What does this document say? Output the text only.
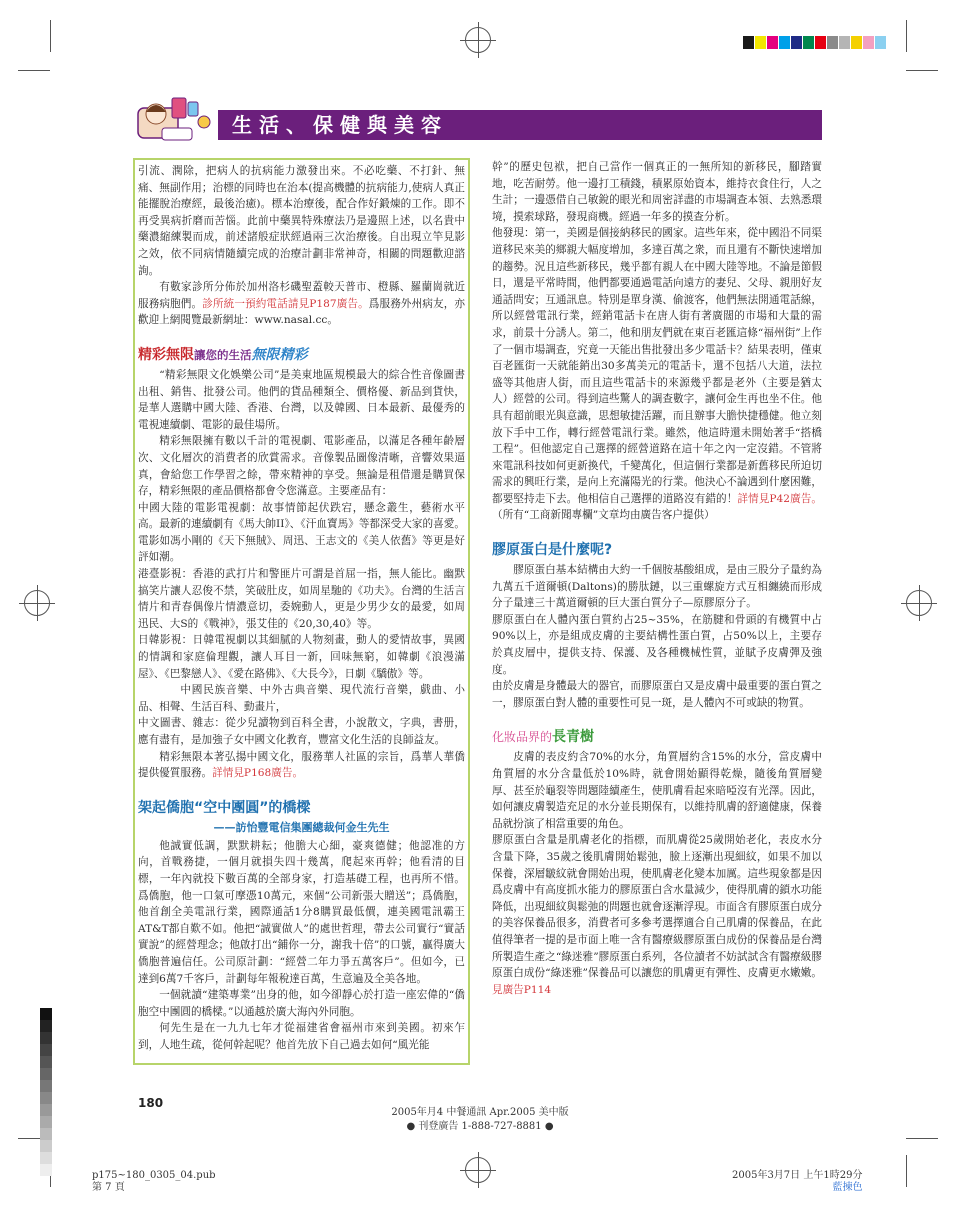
生活、保健與美容

引流、潤除，把病人的抗病能力激發出來。不必吃藥、不打針、無痛、無副作用；治標的同時也在治本(提高機體的抗病能力,使病人真正能擺脫治療經，最後治癒)。標本治療後，配合作好鍛煉的工作。即不再受異病折磨而苦惱。此前中藥異特殊療法乃是邊照上述，以名貴中藥濃縮練製而成，前述諸般症狀經過兩三次治療後。自出現立竿見影之效，依不同病情隨續完成的治療計劃非常神奇，相關的問題歡迎諮詢。

有數家診所分佈於加州洛杉磯聖蓋較天普市、橙縣、羅蘭崗就近服務病胞們。診所統一預約電話請見P187廣告。爲服務外州病友，亦歡迎上網閱覽最新網址：www.nasal.cc。

精彩無限讓您的生活無限精彩

“精彩無限文化娛樂公司”是美東地區規模最大的綜合性音像圖書出租、銷售、批發公司。他們的貨品種類全、價格優、新品到貨快，是華人選購中國大陸、香港、台灣，以及韓國、日本最新、最優秀的電視連續劇、電影的最佳場所。

精彩無限擁有數以千計的電視劇、電影產品，以滿足各種年齡層次、文化層次的消費者的欣賞需求。音像製品圖像清晰，音響效果逼真，會給您工作學習之餘，帶來精神的享受。無論是租借還是購買保存，精彩無限的產品價格都會令您滿意。主要產品有：

中國大陸的電影電視劇：故事情節起伏跌宕，懸念叢生，藝術水平高。最新的連續劇有《馬大帥II》、《汗血寶馬》等都深受大家的喜愛。電影如馮小剛的《天下無賊》、周迅、王志文的《美人依舊》等更是好評如潮。

港臺影視：香港的武打片和警匪片可謂是首屈一指，無人能比。幽默搞笑片讓人忍俊不禁，笑破肚皮，如周星馳的《功夫》。台灣的生活言情片和青春偶像片情濃意切，委婉動人，更是少男少女的最愛，如周迅民、大S的《戰神》，張艾佳的《20,30,40》等。

日韓影視：日韓電視劇以其細膩的人物刻畫，動人的愛情故事，異國的情調和家庭倫理觀，讓人耳目一新，回味無窮，如韓劇《浪漫滿屋》、《巴黎戀人》、《愛在路佛》、《大長今》，日劇《驕傲》等。

中國民族音樂、中外古典音樂、現代流行音樂，戲曲、小品、相聲、生活百科、動畫片，

中文圖書、雜志：從少兒讀物到百科全書，小說散文，字典，書册，應有盡有，是加強子女中國文化教育，豐富文化生活的良師益友。

精彩無限本著弘揚中國文化，服務華人社區的宗旨，爲華人華僑提供優質服務。詳情見P168廣告。

架起僑胞“空中團圓”的橋樑
——訪怡豐電信集團總裁何金生先生

他誠實低調，默默耕耘；他膽大心細，豪爽德健；他認准的方向，首戰務捷，一個月就損失四十幾萬，爬起來再幹；他看清的目標，一年內就投下數百萬的全部身家，打造基礎工程，也再所不惜。爲僑胞，他一口氣可摩憑10萬元，來個“公司新張大贈送”；爲僑胞，他首創全美電訊行業，國際通話1分8購買最低價，連美國電訊霸王AT&T都自歎不如。他把“誠實做人”的處世哲理，帶去公司實行“實話實說”的經營理念；他啟打出“鋪你一分，謝我十倍”的口號，贏得廣大僑胞普遍信任。公司原計劃：“經營二年力爭五萬客戶”。但如今，已達到6萬7千客戶，計劃每年報稅達百萬，生意遍及全美各地。

一個就讀“建築專業”出身的他，如今卻靜心於打造一座宏偉的“僑胞空中團圓的橋樑。”以通越於廣大海內外同胞。

何先生是在一九九七年才從福建省會福州市來到美國。初來乍到，人地生疏，從何幹起呢？他首先放下自己過去如何“風光能

幹”的歷史包袱，把自己當作一個真正的一無所知的新移民，腳踏實地，吃苦耐勞。他一邊打工積錢，積累原始資本，維持衣食住行，人之生計；一邊憑借自己敏銳的眼光和周密詳盡的市場調查本領、去熟悉環境，摸索球路，發現商機。經過一年多的摸查分析。

他發現：第一，美國是個接納移民的國家。這些年來，從中國沿不同渠道移民來美的鄉親大幅度增加，多達百萬之衆，而且還有不斷快速增加的趨勢。況且這些新移民，幾乎都有親人在中國大陸等地。不論是節假日，還是平常時間，他們都要通過電話向遠方的妻兒、父母、親朋好友通話問安；互通訊息。特別是單身漢、偷渡客，他們無法開通電話線，所以經營電訊行業，經銷電話卡在唐人街有著廣闊的市場和大量的需求，前景十分誘人。第二，他和朋友們就在東百老匯這條“福州街”上作了一個市場調查，究竟一天能出售批發出多少電話卡？結果表明，僅東百老匯街一天就能銷出30多萬美元的電話卡，還不包括八大道，法拉盛等其他唐人街，而且這些電話卡的來源幾乎都是老外（主要是猶太人）經營的公司。得到這些驚人的調查數字，讓何金生再也坐不住。他具有超前眼光與意識，思想敏捷活躍，而且辦事大膽快捷穩健。他立刻放下手中工作，轉行經營電訊行業。雖然，他這時還未開始著手“搭橋工程”。但他認定自己選擇的經營道路在這十年之內一定沒錯。不管將來電訊科技如何更新換代，千變萬化，但這個行業都是新舊移民所迫切需求的興旺行業，是向上充滿陽光的行業。他決心不論遇到什麼困難，都要堅持走下去。他相信自己選擇的道路沒有錯的！詳情見P42廣告。（所有“工商新聞專欄”文章均由廣告客户提供）

膠原蛋白是什麼呢?

膠原蛋白基本結構由大約一千個胺基酸組成，是由三股分子量約為九萬五千道爾頓(Daltons)的勝肽鏈，以三重螺旋方式互相纏繞而形成分子量達三十萬道爾頓的巨大蛋白質分子—原膠原分子。

膠原蛋白在人體內蛋白質約占25~35%，在筋腱和骨頭的有機質中占90%以上，亦是組成皮膚的主要結構性蛋白質，占50%以上，主要存於真皮層中，提供支持、保護、及各種機械性質，並賦予皮膚彈及強度。

由於皮膚是身體最大的器官，而膠原蛋白又是皮膚中最重要的蛋白質之一，膠原蛋白對人體的重要性可見一斑，是人體內不可或缺的物質。

化妝品界的長青樹

皮膚的表皮約含70%的水分，角質層約含15%的水分，當皮膚中角質層的水分含量低於10%時，就會開始顯得乾燥，隨後角質層變厚、甚至於龜裂等問題陸續產生，使肌膚看起來暗啞沒有光澤。因此，如何讓皮膚製造充足的水分並長期保有，以維持肌膚的舒適健康，保養品就扮演了相當重要的角色。

膠原蛋白含量是肌膚老化的指標，而肌膚從25歲開始老化，表皮水分含量下降，35歲之後肌膚開始鬆弛，臉上逐漸出現細紋，如果不加以保養，深層皺紋就會開始出現，使肌膚老化變本加厲。這些現象都是因爲皮膚中有高度抓水能力的膠原蛋白含水量減少，使得肌膚的鎖水功能降低，出現細紋與鬆弛的問題也就會逐漸浮現。市面含有膠原蛋白成分的美容保養品很多，消費者可多參考選擇適合自己肌膚的保養品，在此值得筆者一提的是市面上唯一含有醫療級膠原蛋白成份的保養品是台灣所製造生產之“綠迷雅”膠原蛋白系列，各位讀者不妨試試含有醫療級膠原蛋白成份“綠迷雅”保養品可以讓您的肌膚更有彈性、皮膚更水嫩嫩。見廣告P114

180
2005年月4 中餐通訊 Apr.2005 美中版
● 刊登廣告 1-888-727-8881 ●
p175~180_0305_04.pub
第 7 頁
2005年3月7日 上午1時29分
藍揀色
